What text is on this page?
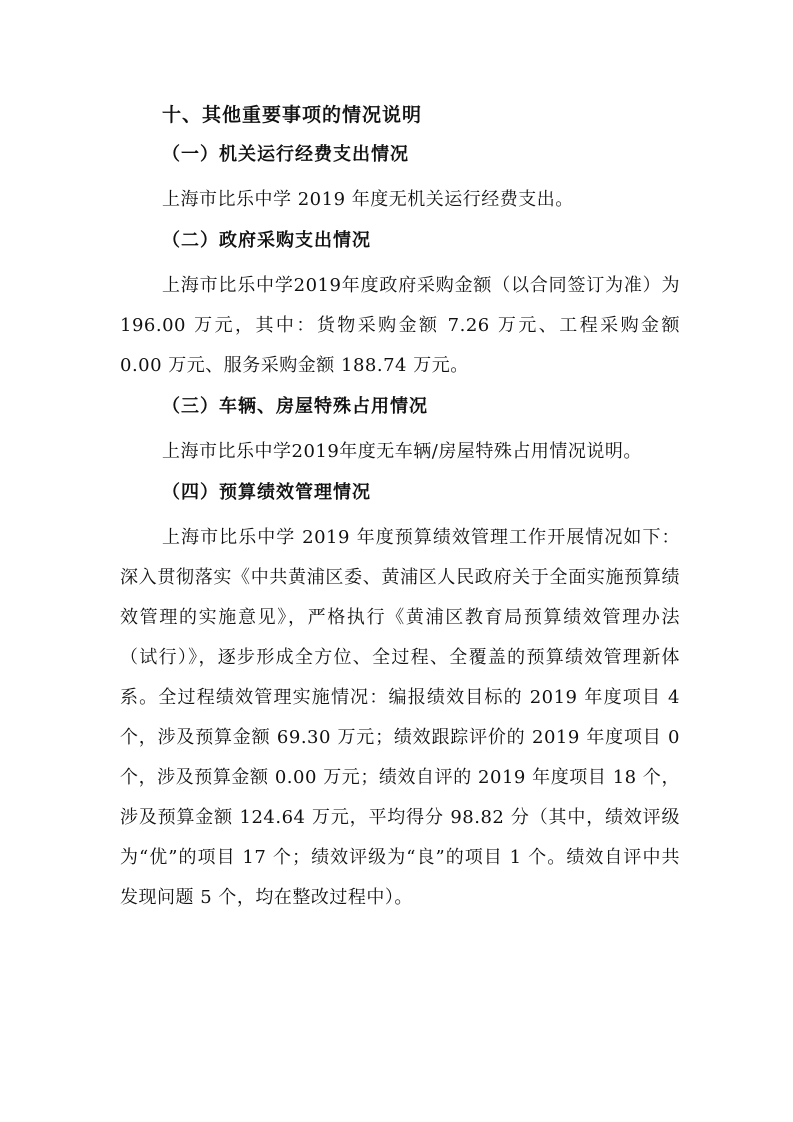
十、其他重要事项的情况说明
（一）机关运行经费支出情况
上海市比乐中学 2019 年度无机关运行经费支出。
（二）政府采购支出情况
上海市比乐中学2019年度政府采购金额（以合同签订为准）为 196.00 万元，其中：货物采购金额 7.26 万元、工程采购金额 0.00 万元、服务采购金额 188.74 万元。
（三）车辆、房屋特殊占用情况
上海市比乐中学2019年度无车辆/房屋特殊占用情况说明。
（四）预算绩效管理情况
上海市比乐中学 2019 年度预算绩效管理工作开展情况如下：深入贯彻落实《中共黄浦区委、黄浦区人民政府关于全面实施预算绩效管理的实施意见》，严格执行《黄浦区教育局预算绩效管理办法（试行）》，逐步形成全方位、全过程、全覆盖的预算绩效管理新体系。全过程绩效管理实施情况：编报绩效目标的 2019 年度项目 4 个，涉及预算金额 69.30 万元；绩效跟踪评价的 2019 年度项目 0 个，涉及预算金额 0.00 万元；绩效自评的 2019 年度项目 18 个，涉及预算金额 124.64 万元，平均得分 98.82 分（其中，绩效评级为“优”的项目 17 个；绩效评级为“良”的项目 1 个。绩效自评中共发现问题 5 个，均在整改过程中）。
